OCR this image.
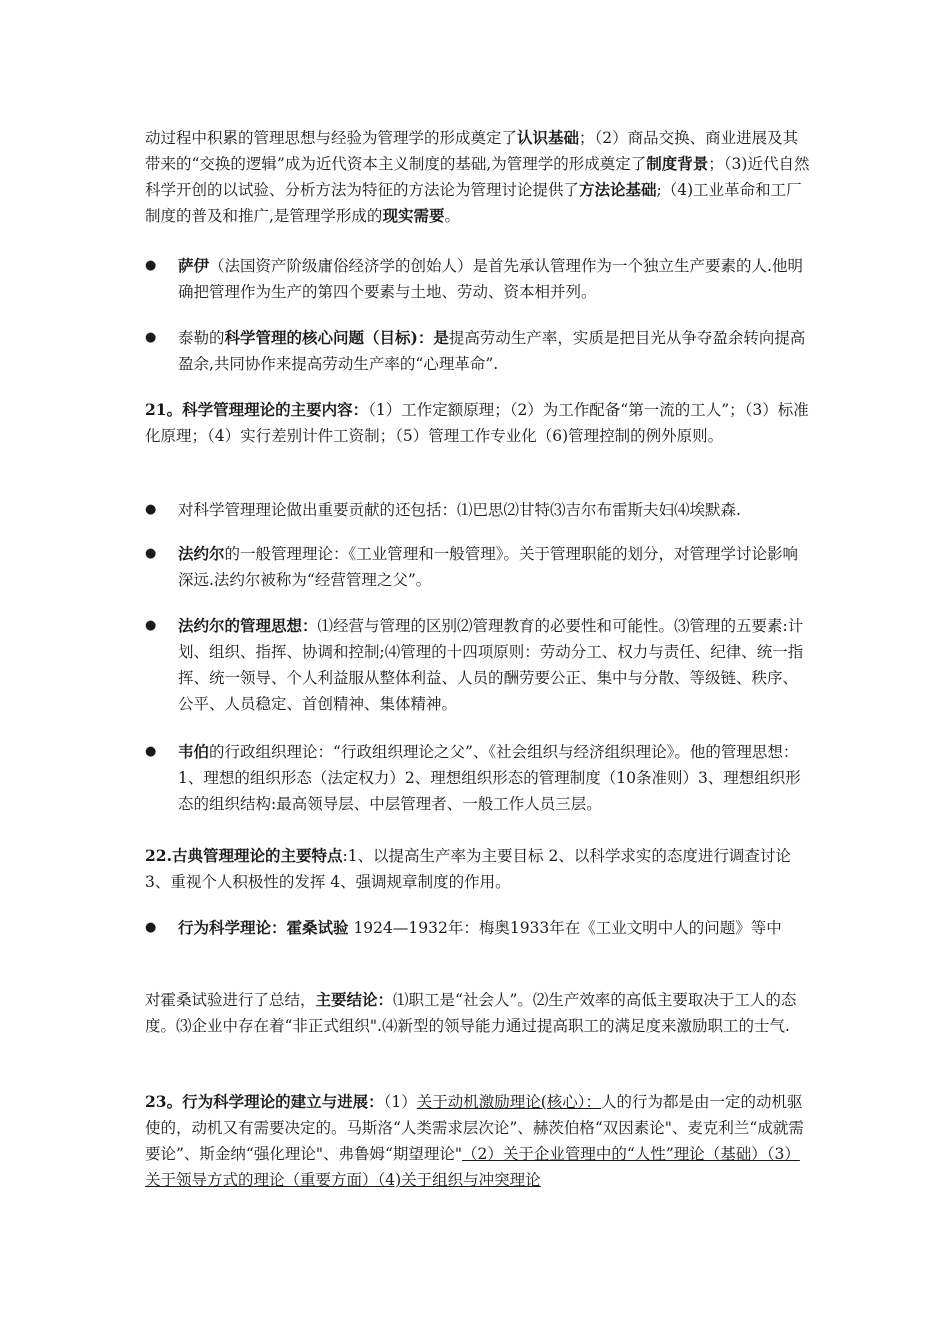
动过程中积累的管理思想与经验为管理学的形成奠定了认识基础；（2）商品交换、商业进展及其带来的“交换的逻辑”成为近代资本主义制度的基础,为管理学的形成奠定了制度背景；（3)近代自然科学开创的以试验、分析方法为特征的方法论为管理讨论提供了方法论基础;（4)工业革命和工厂制度的普及和推广,是管理学形成的现实需要。

●	萨伊（法国资产阶级庸俗经济学的创始人）是首先承认管理作为一个独立生产要素的人.他明确把管理作为生产的第四个要素与土地、劳动、资本相并列。

●	泰勒的科学管理的核心问题（目标)：是提高劳动生产率，实质是把目光从争夺盈余转向提高盈余,共同协作来提高劳动生产率的“心理革命”.

21。科学管理理论的主要内容：（1）工作定额原理；（2）为工作配备“第一流的工人”；（3）标准化原理；（4）实行差别计件工资制；（5）管理工作专业化（6)管理控制的例外原则。

●	对科学管理理论做出重要贡献的还包括：⑴巴思⑵甘特⑶吉尔布雷斯夫妇⑷埃默森.

●	法约尔的一般管理理论：《工业管理和一般管理》。关于管理职能的划分，对管理学讨论影响深远.法约尔被称为“经营管理之父”。

●	法约尔的管理思想：⑴经营与管理的区别⑵管理教育的必要性和可能性。⑶管理的五要素:计划、组织、指挥、协调和控制;⑷管理的十四项原则：劳动分工、权力与责任、纪律、统一指挥、统一领导、个人利益服从整体利益、人员的酬劳要公正、集中与分散、等级链、秩序、公平、人员稳定、首创精神、集体精神。

●	韦伯的行政组织理论：“行政组织理论之父”、《社会组织与经济组织理论》。他的管理思想：1、理想的组织形态（法定权力）2、理想组织形态的管理制度（10条准则）3、理想组织形态的组织结构:最高领导层、中层管理者、一般工作人员三层。

22.古典管理理论的主要特点:1、以提高生产率为主要目标 2、以科学求实的态度进行调查讨论 3、重视个人积极性的发挥 4、强调规章制度的作用。

●	行为科学理论：霍桑试验 1924—1932年：梅奥1933年在《工业文明中人的问题》等中

对霍桑试验进行了总结，主要结论：⑴职工是“社会人”。⑵生产效率的高低主要取决于工人的态度。⑶企业中存在着“非正式组织".⑷新型的领导能力通过提高职工的满足度来激励职工的士气.

23。行为科学理论的建立与进展：（1）关于动机激励理论(核心）：人的行为都是由一定的动机驱使的，动机又有需要决定的。马斯洛“人类需求层次论”、赫茨伯格“双因素论"、麦克利兰“成就需要论”、斯金纳“强化理论"、弗鲁姆“期望理论"（2）关于企业管理中的“人性”理论（基础）（3）关于领导方式的理论（重要方面）（4)关于组织与冲突理论
